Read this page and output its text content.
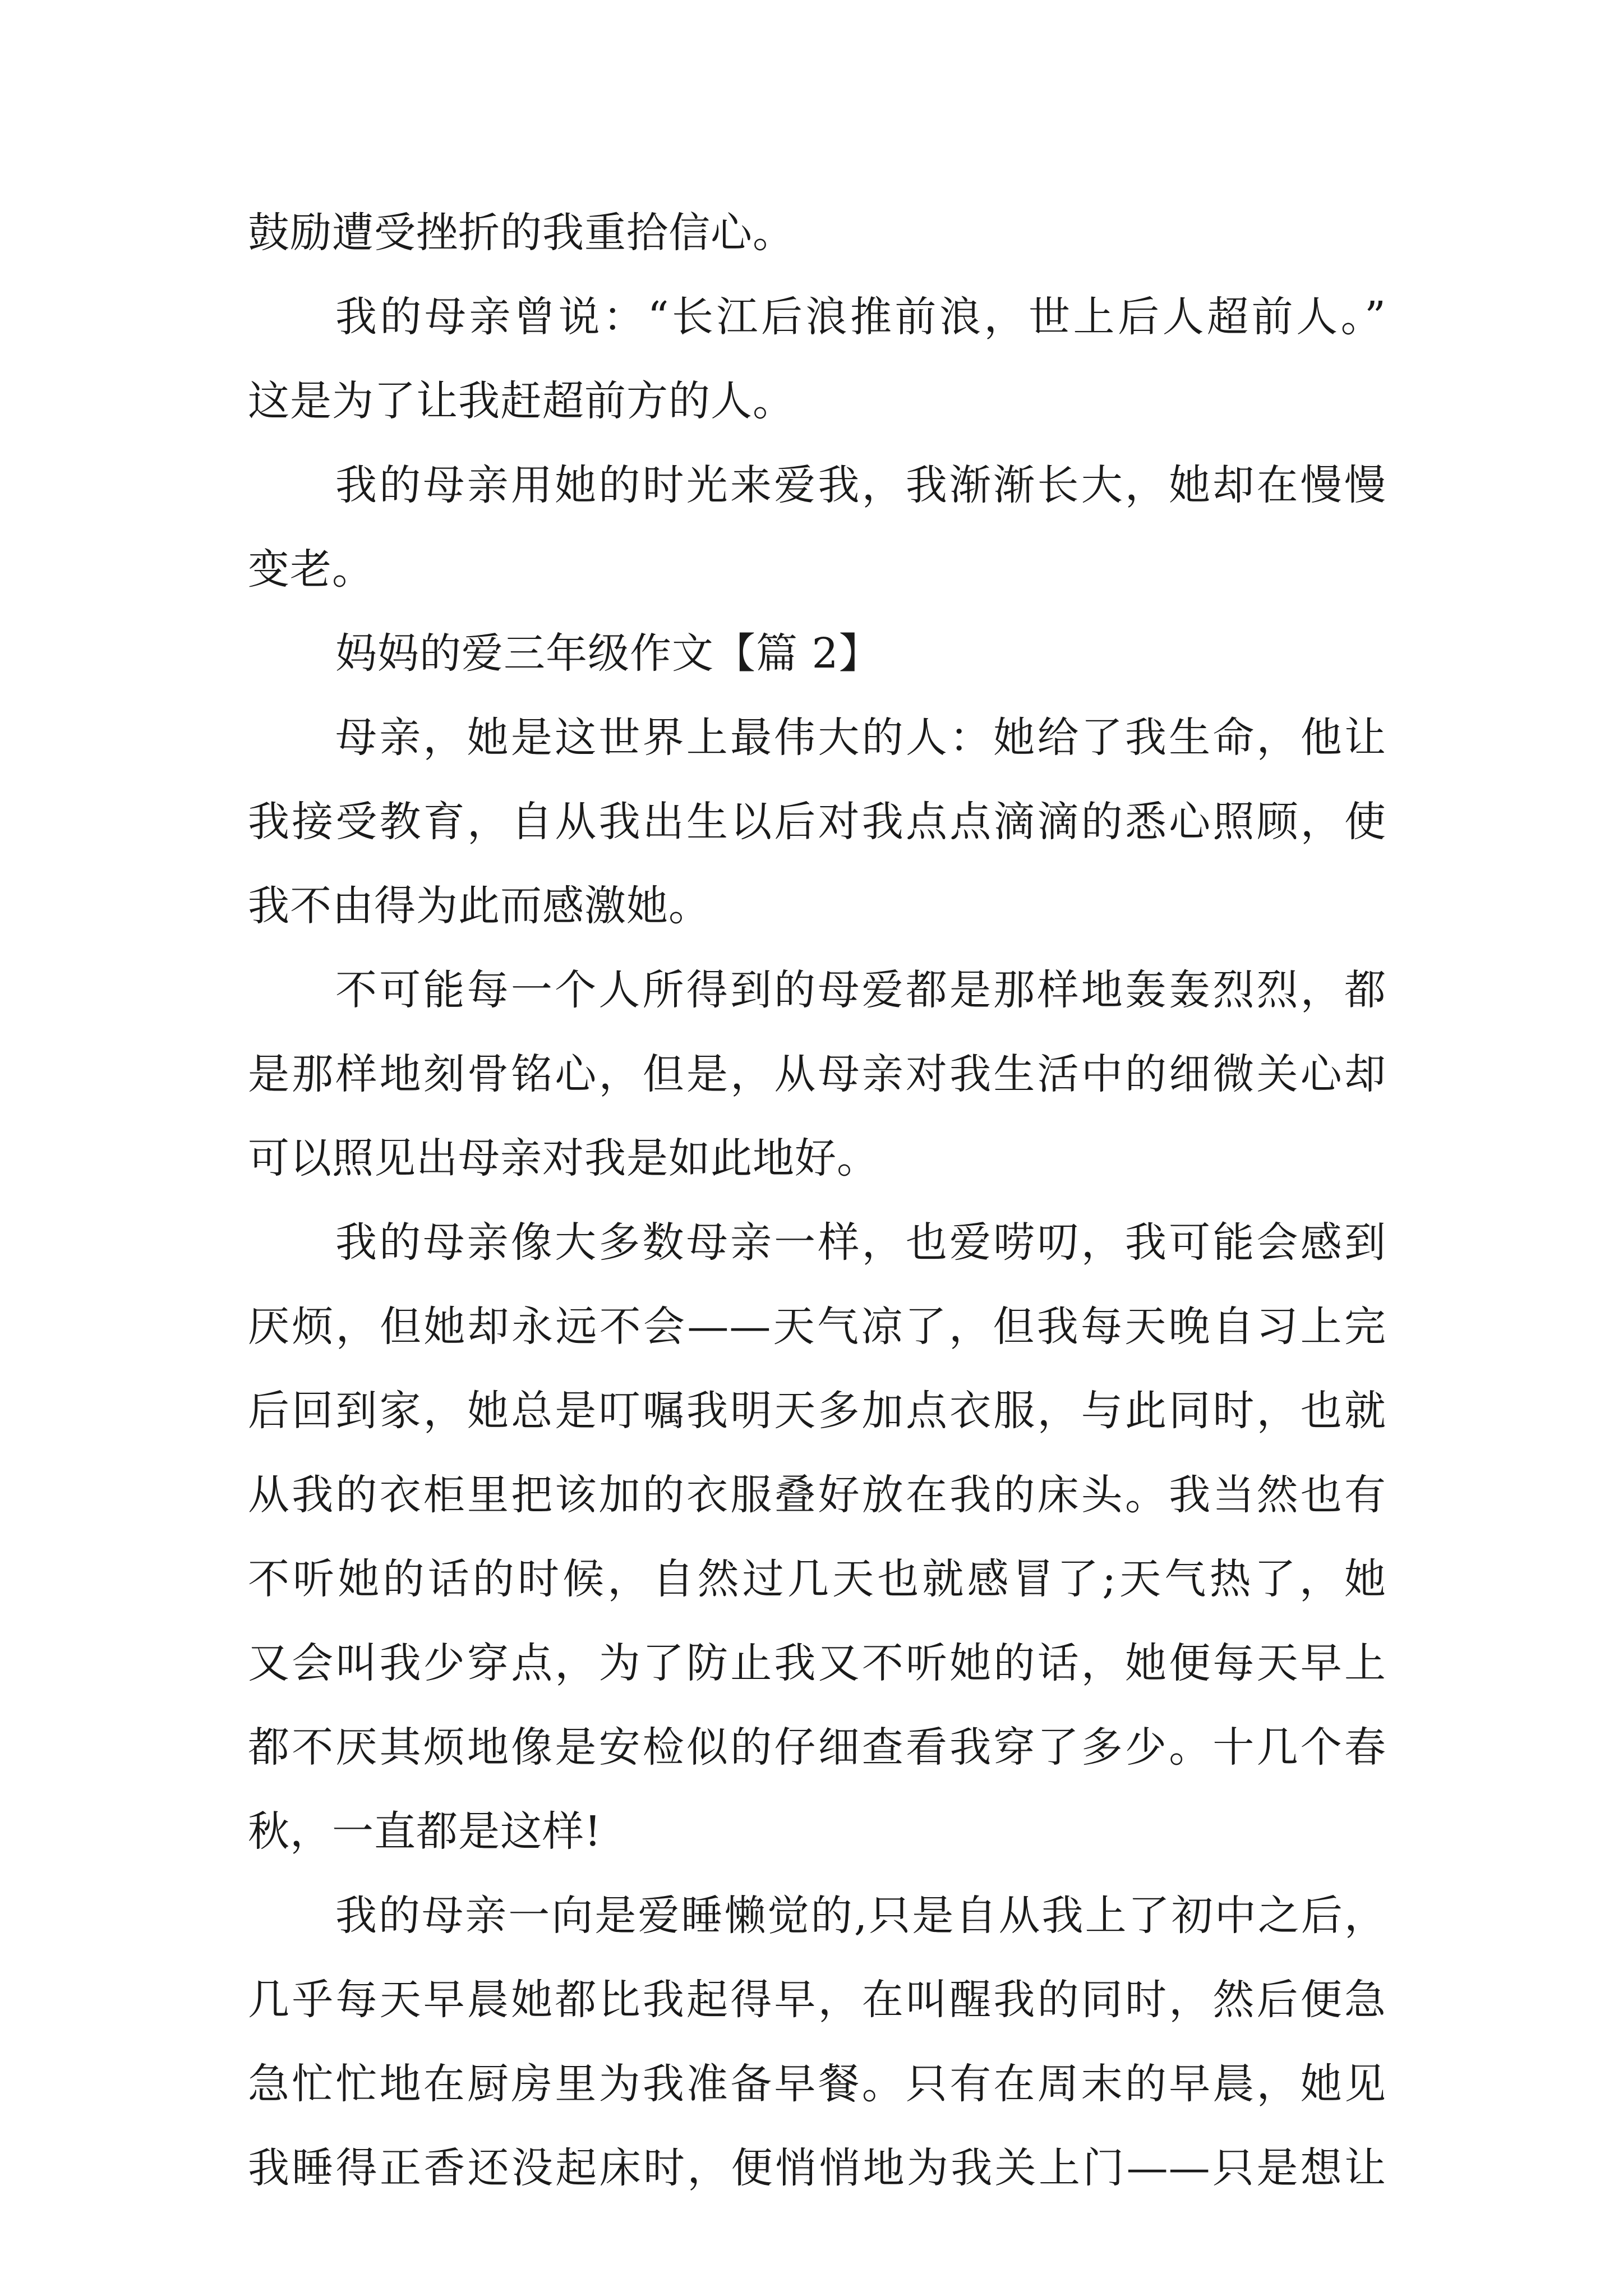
鼓励遭受挫折的我重拾信心。
我的母亲曾说：“长江后浪推前浪，世上后人超前人。”
这是为了让我赶超前方的人。
我的母亲用她的时光来爱我，我渐渐长大，她却在慢慢
变老。
妈妈的爱三年级作文【篇 2】
母亲，她是这世界上最伟大的人：她给了我生命，他让
我接受教育，自从我出生以后对我点点滴滴的悉心照顾，使
我不由得为此而感激她。
不可能每一个人所得到的母爱都是那样地轰轰烈烈，都
是那样地刻骨铭心，但是，从母亲对我生活中的细微关心却
可以照见出母亲对我是如此地好。
我的母亲像大多数母亲一样，也爱唠叨，我可能会感到
厌烦，但她却永远不会——天气凉了，但我每天晚自习上完
后回到家，她总是叮嘱我明天多加点衣服，与此同时，也就
从我的衣柜里把该加的衣服叠好放在我的床头。我当然也有
不听她的话的时候，自然过几天也就感冒了;天气热了，她
又会叫我少穿点，为了防止我又不听她的话，她便每天早上
都不厌其烦地像是安检似的仔细查看我穿了多少。十几个春
秋，一直都是这样!
我的母亲一向是爱睡懒觉的,只是自从我上了初中之后，
几乎每天早晨她都比我起得早，在叫醒我的同时，然后便急
急忙忙地在厨房里为我准备早餐。只有在周末的早晨，她见
我睡得正香还没起床时，便悄悄地为我关上门——只是想让
